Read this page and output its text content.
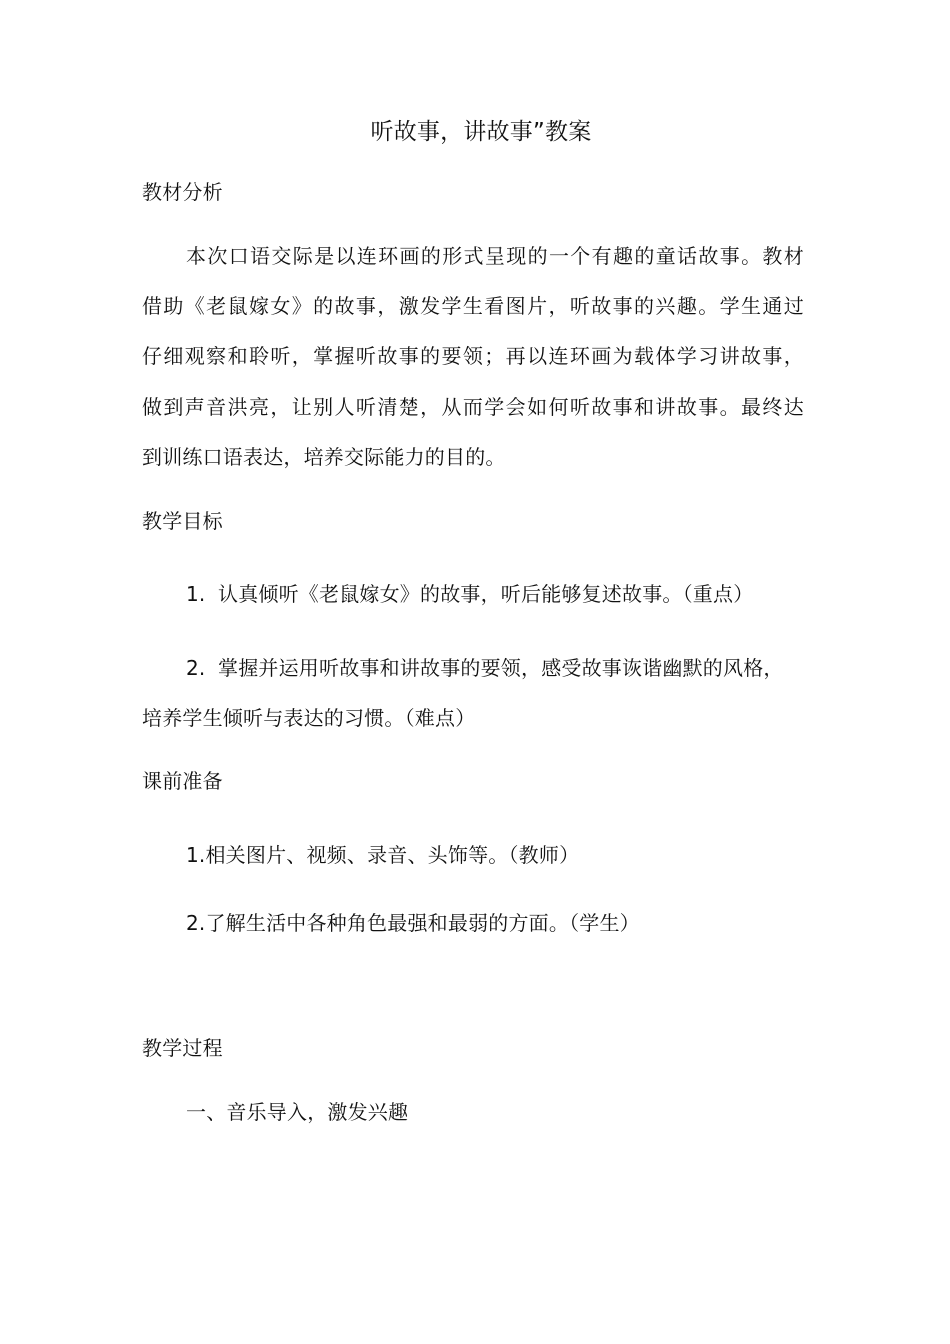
听故事，讲故事”教案
教材分析
本次口语交际是以连环画的形式呈现的一个有趣的童话故事。教材
借助《老鼠嫁女》的故事，激发学生看图片，听故事的兴趣。学生通过
仔细观察和聆听，掌握听故事的要领；再以连环画为载体学习讲故事，
做到声音洪亮，让别人听清楚，从而学会如何听故事和讲故事。最终达
到训练口语表达，培养交际能力的目的。
教学目标
1. 认真倾听《老鼠嫁女》的故事，听后能够复述故事。（重点）
2. 掌握并运用听故事和讲故事的要领，感受故事诙谐幽默的风格，
培养学生倾听与表达的习惯。（难点）
课前准备
1.相关图片、视频、录音、头饰等。（教师）
2.了解生活中各种角色最强和最弱的方面。（学生）
教学过程
一、音乐导入，激发兴趣
